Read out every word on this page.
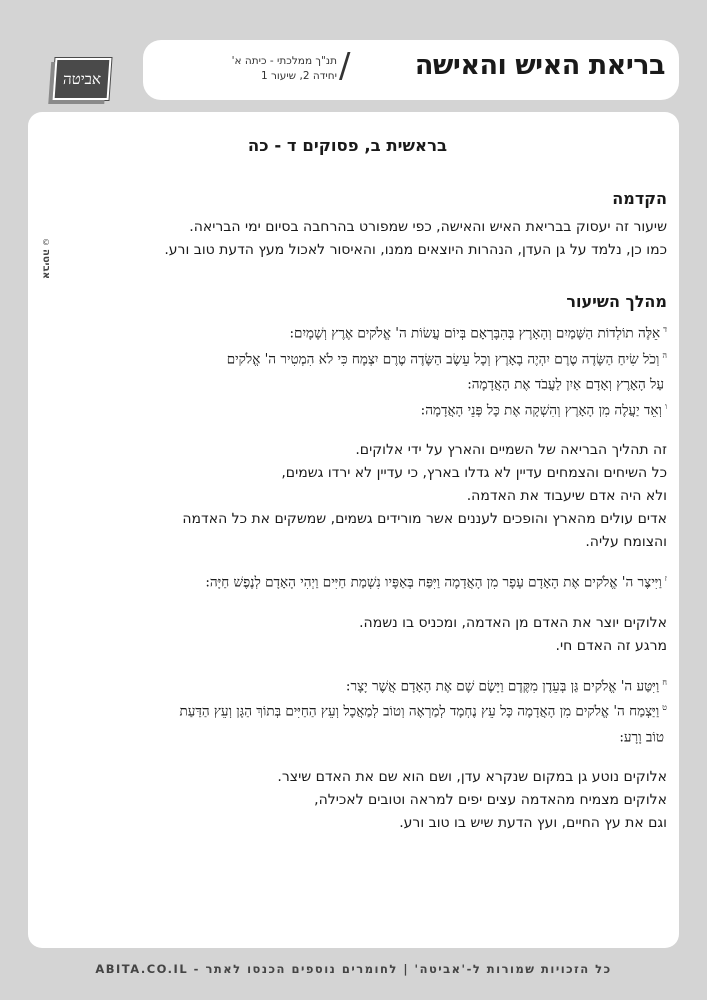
בריאת האיש והאישה
/
תנ"ך ממלכתי - כיתה א'
יחידה 2, שיעור 1
אביטה
©
אביטה
בראשית ב, פסוקים ד - כה
הקדמה

שיעור זה יעסוק בבריאת האיש והאישה, כפי שמפורט בהרחבה בסיום ימי הבריאה.

כמו כן, נלמד על גן העדן, הנהרות היוצאים ממנו, והאיסור לאכול מעץ הדעת טוב ורע.

מהלך השיעור

$^ד$אֵלֶּה תוֹלְדוֹת הַשָּׁמַיִם וְהָאָרֶץ בְּהִבָּרְאָם בְּיוֹם עֲשׂוֹת ה' אֱלֹקים אֶרֶץ וְשָׁמָיִם:

$^ה$וְכֹל שִׂיחַ הַשָּׂדֶה טֶרֶם יִהְיֶה בָאָרֶץ וְכָל עֵשֶׂב הַשָּׂדֶה טֶרֶם יִצְמָח כִּי לֹא הִמְטִיר ה' אֱלֹקים

עַל הָאָרֶץ וְאָדָם אַיִן לַעֲבֹד אֶת הָאֲדָמָה:

$^ו$וְאֵד יַעֲלֶה מִן הָאָרֶץ וְהִשְׁקָה אֶת כָּל פְּנֵי הָאֲדָמָה:

זה תהליך הבריאה של השמיים והארץ על ידי אלוקים.

כל השיחים והצמחים עדיין לא גדלו בארץ, כי עדיין לא ירדו גשמים,

ולא היה אדם שיעבוד את האדמה.

אדים עולים מהארץ והופכים לעננים אשר מורידים גשמים, שמשקים את כל האדמה

והצומח עליה.

$^ז$וַיִּיצֶר ה' אֱלֹקים אֶת הָאָדָם עָפָר מִן הָאֲדָמָה וַיִּפַּח בְּאַפָּיו נִשְׁמַת חַיִּים וַיְהִי הָאָדָם לְנֶפֶשׁ חַיָּה:

אלוקים יוצר את האדם מן האדמה, ומכניס בו נשמה.

מרגע זה האדם חי.

$^ח$וַיִּטַּע ה' אֱלֹקים גַּן בְּעֵדֶן מִקֶּדֶם וַיָּשֶׂם שָׁם אֶת הָאָדָם אֲשֶׁר יָצָר:

$^ט$וַיַּצְמַח ה' אֱלֹקים מִן הָאֲדָמָה כָּל עֵץ נֶחְמָד לְמַרְאֶה וְטוֹב לְמַאֲכָל וְעֵץ הַחַיִּים בְּתוֹךְ הַגָּן וְעֵץ הַדַּעַת

טוֹב וָרָע:

אלוקים נוטע גן במקום שנקרא עדן, ושם הוא שם את האדם שיצר.

אלוקים מצמיח מהאדמה עצים יפים למראה וטובים לאכילה,

וגם את עץ החיים, ועץ הדעת שיש בו טוב ורע.

כל הזכויות שמורות ל-'אביטה' | לחומרים נוספים הכנסו לאתר - ABITA.CO.IL
